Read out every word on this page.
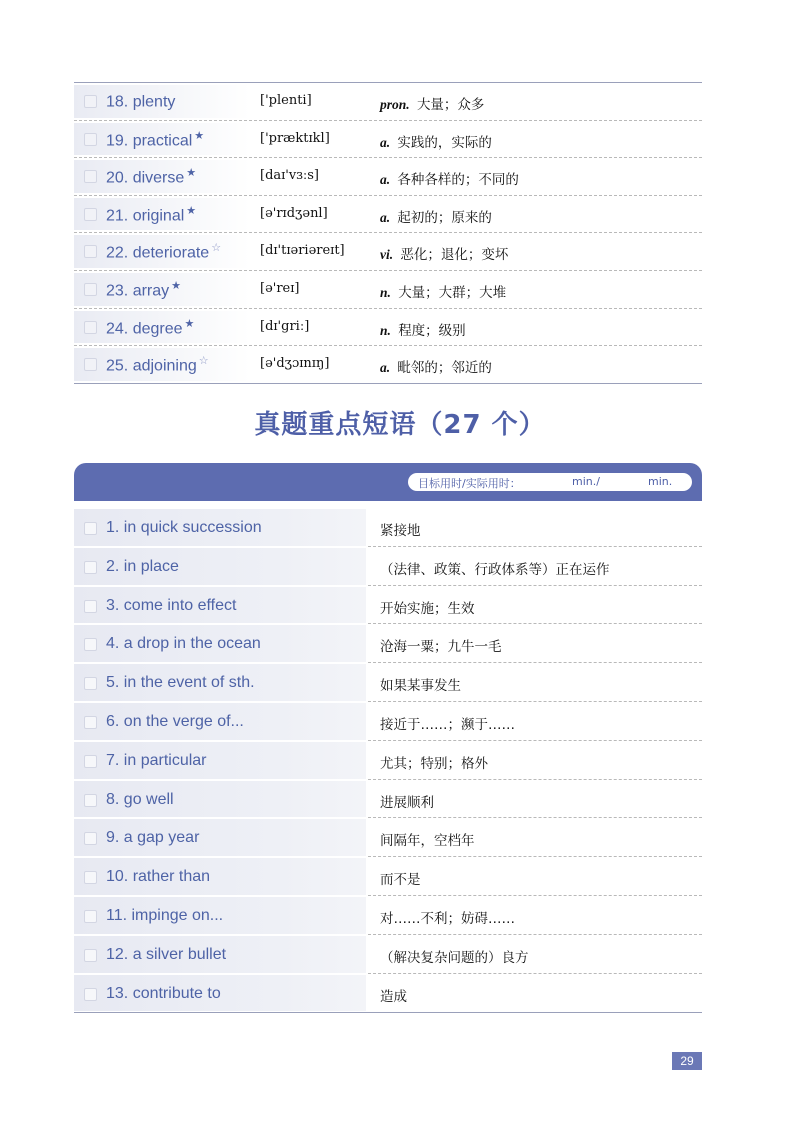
18. plenty	['plenti]	pron. 大量；众多
19. practical ★	['præktɪkl]	a. 实践的，实际的
20. diverse ★	[daɪ'vɜːs]	a. 各种各样的；不同的
21. original ★	[ə'rɪdʒənl]	a. 起初的；原来的
22. deteriorate ☆	[dɪ'tɪəriəreɪt]	vi. 恶化；退化；变坏
23. array ★	[ə'reɪ]	n. 大量；大群；大堆
24. degree ★	[dɪ'griː]	n. 程度；级别
25. adjoining ☆	[ə'dʒɔɪnɪŋ]	a. 毗邻的；邻近的
真题重点短语（27 个）
目标用时/实际用时：	min./	min.
1. in quick succession	紧接地
2. in place	（法律、政策、行政体系等）正在运作
3. come into effect	开始实施；生效
4. a drop in the ocean	沧海一粟；九牛一毛
5. in the event of sth.	如果某事发生
6. on the verge of...	接近于……；濒于……
7. in particular	尤其；特别；格外
8. go well	进展顺利
9. a gap year	间隔年，空档年
10. rather than	而不是
11. impinge on...	对……不利；妨碍……
12. a silver bullet	（解决复杂问题的）良方
13. contribute to	造成
29
